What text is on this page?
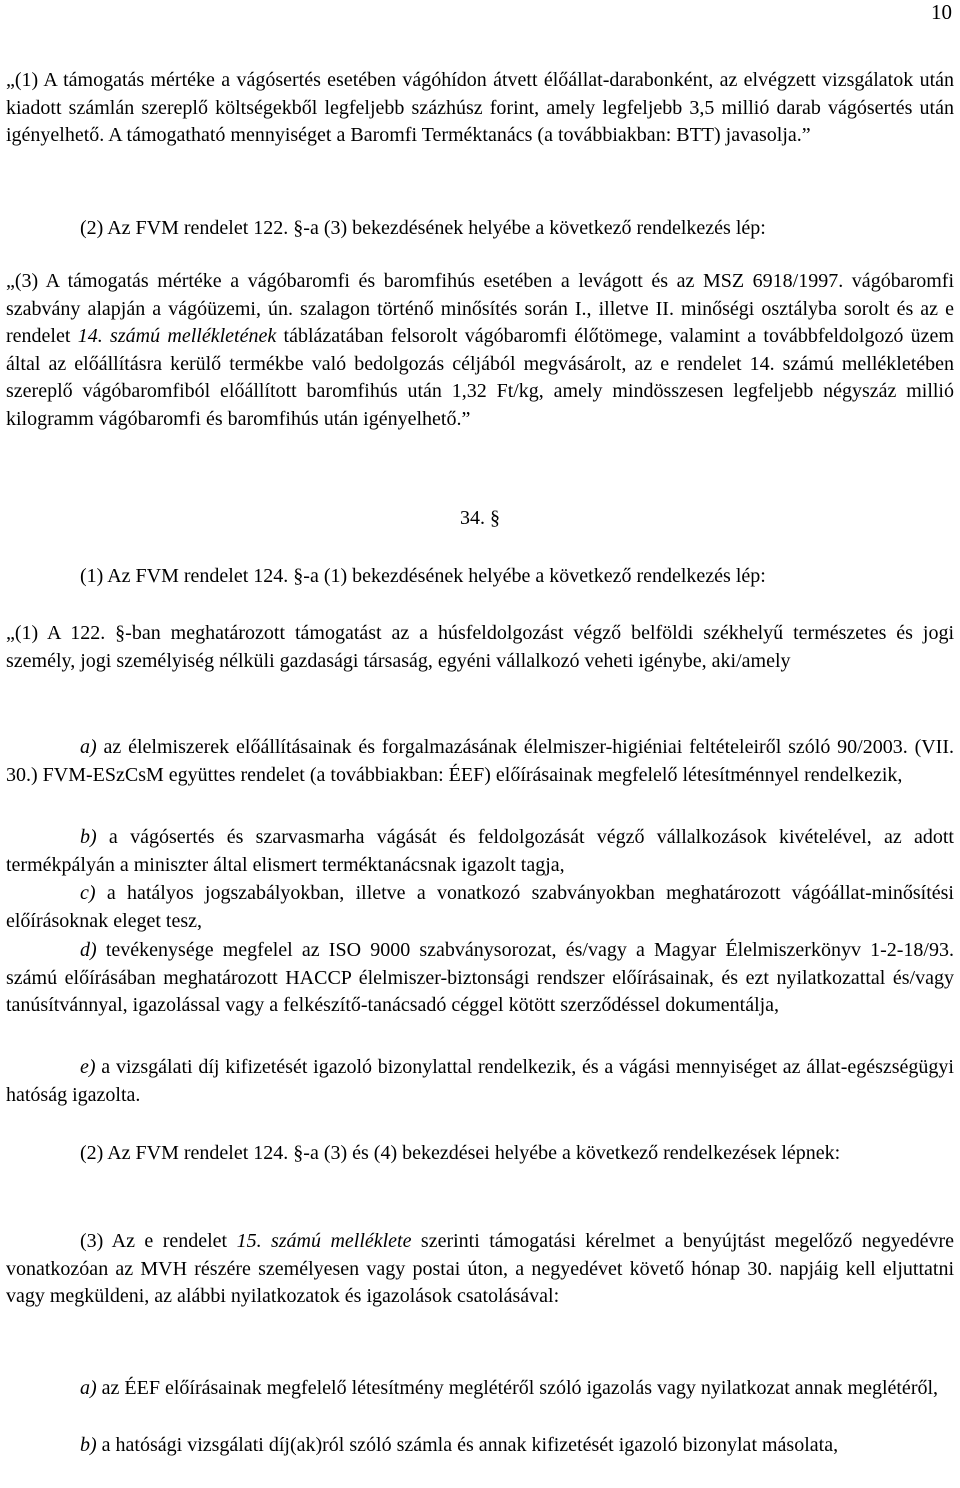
10

„(1) A támogatás mértéke a vágósertés esetében vágóhídon átvett élőállat-darabonként, az elvégzett vizsgálatok után kiadott számlán szereplő költségekből legfeljebb százhúsz forint, amely legfeljebb 3,5 millió darab vágósertés után igényelhető. A támogatható mennyiséget a Baromfi Terméktanács (a továbbiakban: BTT) javasolja.”

(2) Az FVM rendelet 122. §-a (3) bekezdésének helyébe a következő rendelkezés lép:

„(3) A támogatás mértéke a vágóbaromfi és baromfihús esetében a levágott és az MSZ 6918/1997. vágóbaromfi szabvány alapján a vágóüzemi, ún. szalagon történő minősítés során I., illetve II. minőségi osztályba sorolt és az e rendelet 14. számú mellékletének táblázatában felsorolt vágóbaromfi élőtömege, valamint a továbbfeldolgozó üzem által az előállításra kerülő termékbe való bedolgozás céljából megvásárolt, az e rendelet 14. számú mellékletében szereplő vágóbaromfiból előállított baromfihús után 1,32 Ft/kg, amely mindösszesen legfeljebb négyszáz millió kilogramm vágóbaromfi és baromfihús után igényelhető.”

34. §

(1) Az FVM rendelet 124. §-a (1) bekezdésének helyébe a következő rendelkezés lép:

„(1) A 122. §-ban meghatározott támogatást az a húsfeldolgozást végző belföldi székhelyű természetes és jogi személy, jogi személyiség nélküli gazdasági társaság, egyéni vállalkozó veheti igénybe, aki/amely

a) az élelmiszerek előállításainak és forgalmazásának élelmiszer-higiéniai feltételeiről szóló 90/2003. (VII. 30.) FVM-ESzCsM együttes rendelet (a továbbiakban: ÉEF) előírásainak megfelelő létesítménnyel rendelkezik,

b) a vágósertés és szarvasmarha vágását és feldolgozását végző vállalkozások kivételével, az adott termékpályán a miniszter által elismert terméktanácsnak igazolt tagja,

c) a hatályos jogszabályokban, illetve a vonatkozó szabványokban meghatározott vágóállat-minősítési előírásoknak eleget tesz,

d) tevékenysége megfelel az ISO 9000 szabványsorozat, és/vagy a Magyar Élelmiszerkönyv 1-2-18/93. számú előírásában meghatározott HACCP élelmiszer-biztonsági rendszer előírásainak, és ezt nyilatkozattal és/vagy tanúsítvánnyal, igazolással vagy a felkészítő-tanácsadó céggel kötött szerződéssel dokumentálja,

e) a vizsgálati díj kifizetését igazoló bizonylattal rendelkezik, és a vágási mennyiséget az állat-egészségügyi hatóság igazolta.

(2) Az FVM rendelet 124. §-a (3) és (4) bekezdései helyébe a következő rendelkezések lépnek:

(3) Az e rendelet 15. számú melléklete szerinti támogatási kérelmet a benyújtást megelőző negyedévre vonatkozóan az MVH részére személyesen vagy postai úton, a negyedévet követő hónap 30. napjáig kell eljuttatni vagy megküldeni, az alábbi nyilatkozatok és igazolások csatolásával:

a) az ÉEF előírásainak megfelelő létesítmény meglétéről szóló igazolás vagy nyilatkozat annak meglétéről,

b) a hatósági vizsgálati díj(ak)ról szóló számla és annak kifizetését igazoló bizonylat másolata,
